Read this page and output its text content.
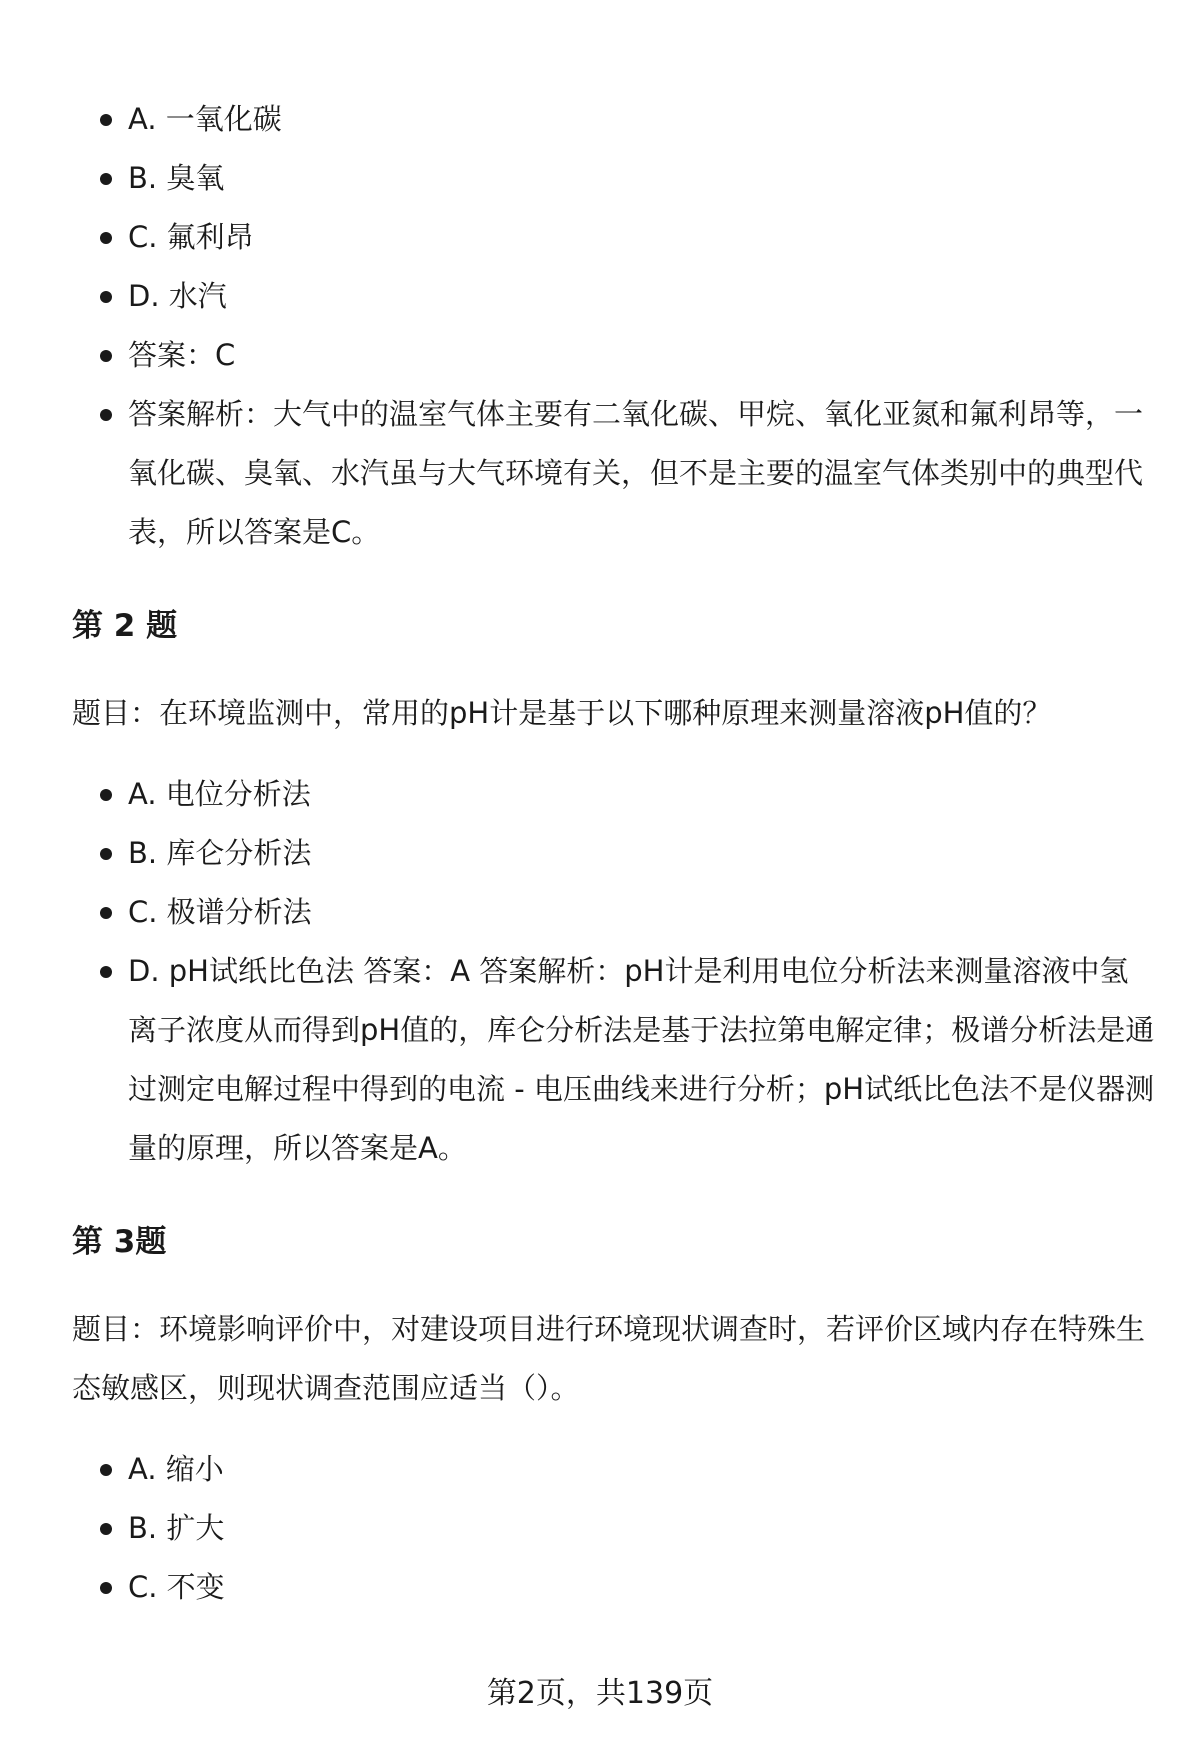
A. 一氧化碳
B. 臭氧
C. 氟利昂
D. 水汽
答案：C
答案解析：大气中的温室气体主要有二氧化碳、甲烷、氧化亚氮和氟利昂等，一氧化碳、臭氧、水汽虽与大气环境有关，但不是主要的温室气体类别中的典型代表，所以答案是C。
第 2 题

题目：在环境监测中，常用的pH计是基于以下哪种原理来测量溶液pH值的？

A. 电位分析法
B. 库仑分析法
C. 极谱分析法
D. pH试纸比色法 答案：A 答案解析：pH计是利用电位分析法来测量溶液中氢离子浓度从而得到pH值的，库仑分析法是基于法拉第电解定律；极谱分析法是通过测定电解过程中得到的电流 - 电压曲线来进行分析；pH试纸比色法不是仪器测量的原理，所以答案是A。
第 3题

题目：环境影响评价中，对建设项目进行环境现状调查时，若评价区域内存在特殊生态敏感区，则现状调查范围应适当（）。

A. 缩小
B. 扩大
C. 不变
第2页，共139页
